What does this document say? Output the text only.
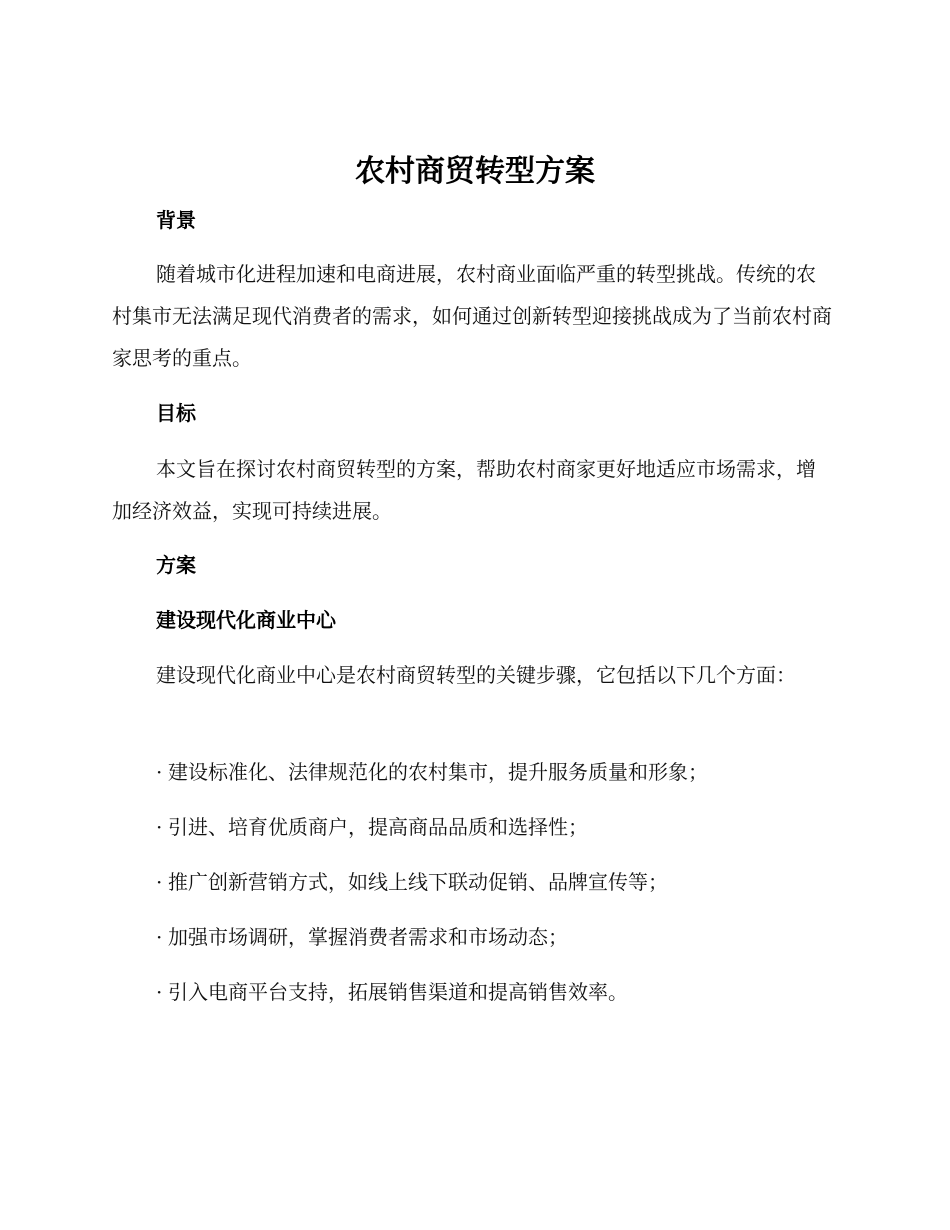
农村商贸转型方案
背景

随着城市化进程加速和电商进展，农村商业面临严重的转型挑战。传统的农村集市无法满足现代消费者的需求，如何通过创新转型迎接挑战成为了当前农村商家思考的重点。

目标

本文旨在探讨农村商贸转型的方案，帮助农村商家更好地适应市场需求，增加经济效益，实现可持续进展。

方案
建设现代化商业中心

建设现代化商业中心是农村商贸转型的关键步骤，它包括以下几个方面：

· 建设标准化、法律规范化的农村集市，提升服务质量和形象；

· 引进、培育优质商户，提高商品品质和选择性；

· 推广创新营销方式，如线上线下联动促销、品牌宣传等；

· 加强市场调研，掌握消费者需求和市场动态；

· 引入电商平台支持，拓展销售渠道和提高销售效率。
